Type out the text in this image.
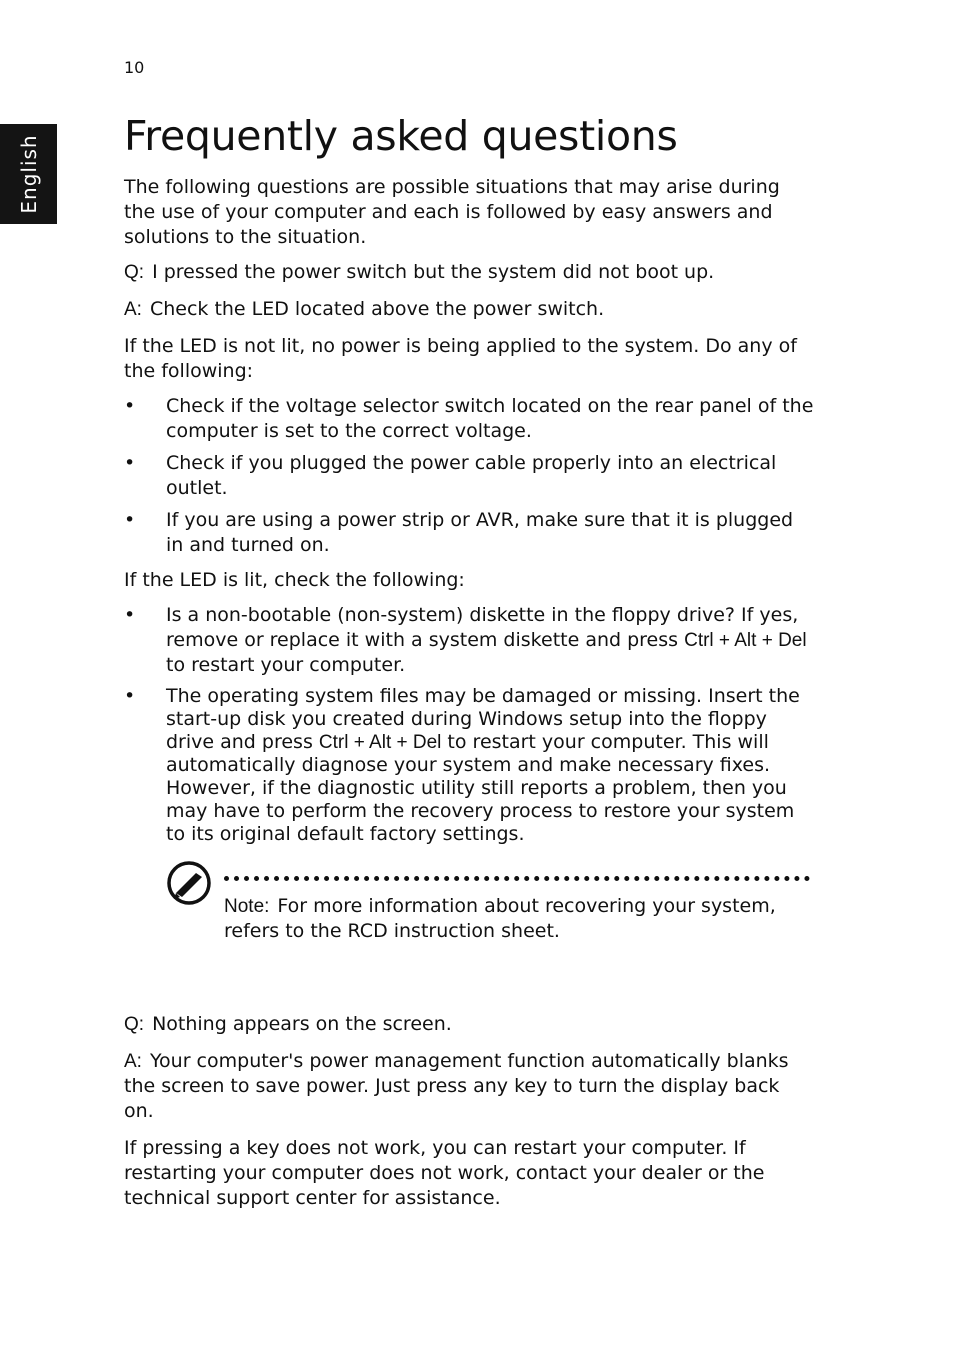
10
English Frequently asked questions

The following questions are possible situations that may arise during the use of your computer and each is followed by easy answers and solutions to the situation.

Q: I pressed the power switch but the system did not boot up.

A: Check the LED located above the power switch.

If the LED is not lit, no power is being applied to the system. Do any of the following:

• Check if the voltage selector switch located on the rear panel of the computer is set to the correct voltage.
• Check if you plugged the power cable properly into an electrical outlet.
• If you are using a power strip or AVR, make sure that it is plugged in and turned on.

If the LED is lit, check the following:

• Is a non-bootable (non-system) diskette in the floppy drive? If yes, remove or replace it with a system diskette and press Ctrl + Alt + Del to restart your computer.
• The operating system files may be damaged or missing. Insert the start-up disk you created during Windows setup into the floppy drive and press Ctrl + Alt + Del to restart your computer. This will automatically diagnose your system and make necessary fixes. However, if the diagnostic utility still reports a problem, then you may have to perform the recovery process to restore your system to its original default factory settings.
Note: For more information about recovering your system, refers to the RCD instruction sheet.

Q: Nothing appears on the screen.

A: Your computer's power management function automatically blanks the screen to save power. Just press any key to turn the display back on.

If pressing a key does not work, you can restart your computer. If restarting your computer does not work, contact your dealer or the technical support center for assistance.
